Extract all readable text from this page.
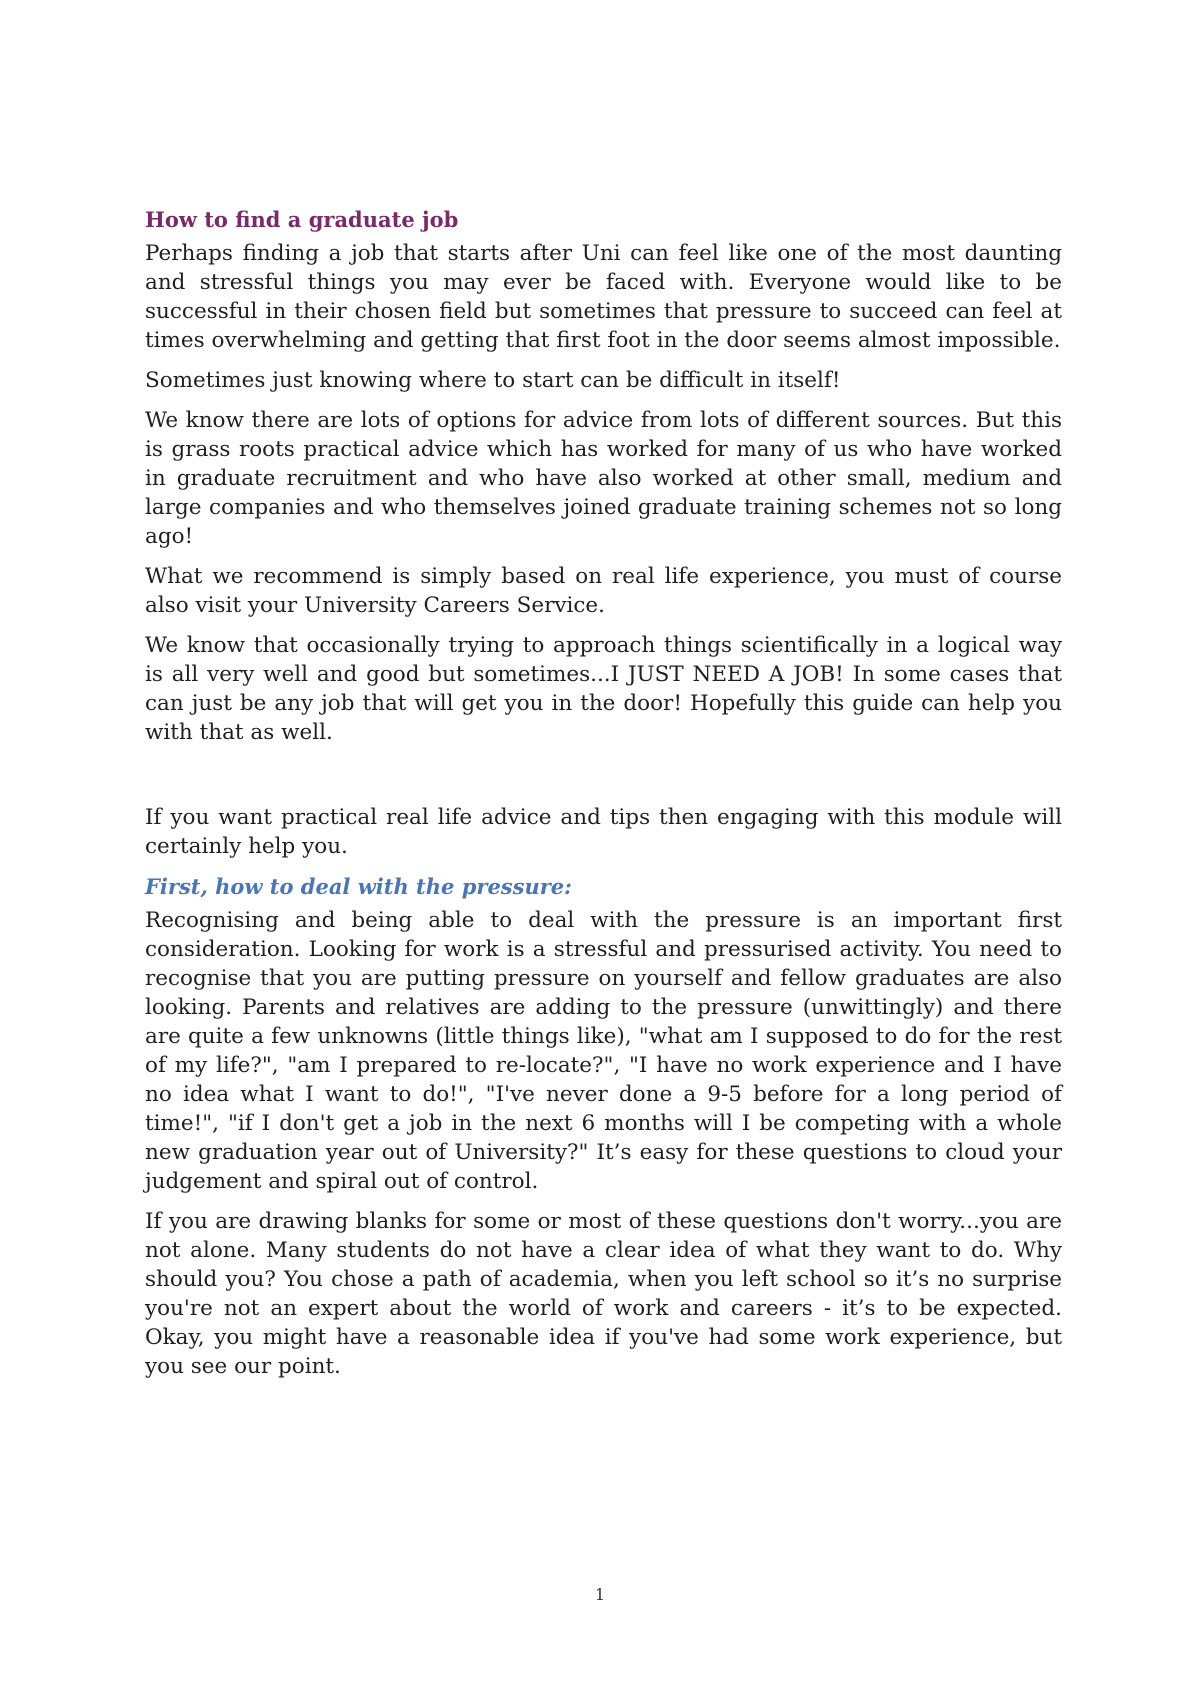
How to find a graduate job

Perhaps finding a job that starts after Uni can feel like one of the most daunting and stressful things you may ever be faced with. Everyone would like to be successful in their chosen field but sometimes that pressure to succeed can feel at times overwhelming and getting that first foot in the door seems almost impossible.

Sometimes just knowing where to start can be difficult in itself!

We know there are lots of options for advice from lots of different sources. But this is grass roots practical advice which has worked for many of us who have worked in graduate recruitment and who have also worked at other small, medium and large companies and who themselves joined graduate training schemes not so long ago!

What we recommend is simply based on real life experience, you must of course also visit your University Careers Service.

We know that occasionally trying to approach things scientifically in a logical way is all very well and good but sometimes...I JUST NEED A JOB! In some cases that can just be any job that will get you in the door! Hopefully this guide can help you with that as well.

If you want practical real life advice and tips then engaging with this module will certainly help you.

First, how to deal with the pressure:

Recognising and being able to deal with the pressure is an important first consideration. Looking for work is a stressful and pressurised activity. You need to recognise that you are putting pressure on yourself and fellow graduates are also looking. Parents and relatives are adding to the pressure (unwittingly) and there are quite a few unknowns (little things like), "what am I supposed to do for the rest of my life?", "am I prepared to re-locate?", "I have no work experience and I have no idea what I want to do!", "I've never done a 9-5 before for a long period of time!", "if I don't get a job in the next 6 months will I be competing with a whole new graduation year out of University?" It’s easy for these questions to cloud your judgement and spiral out of control.

If you are drawing blanks for some or most of these questions don't worry...you are not alone. Many students do not have a clear idea of what they want to do. Why should you? You chose a path of academia, when you left school so it’s no surprise you're not an expert about the world of work and careers - it’s to be expected. Okay, you might have a reasonable idea if you've had some work experience, but you see our point.

1
